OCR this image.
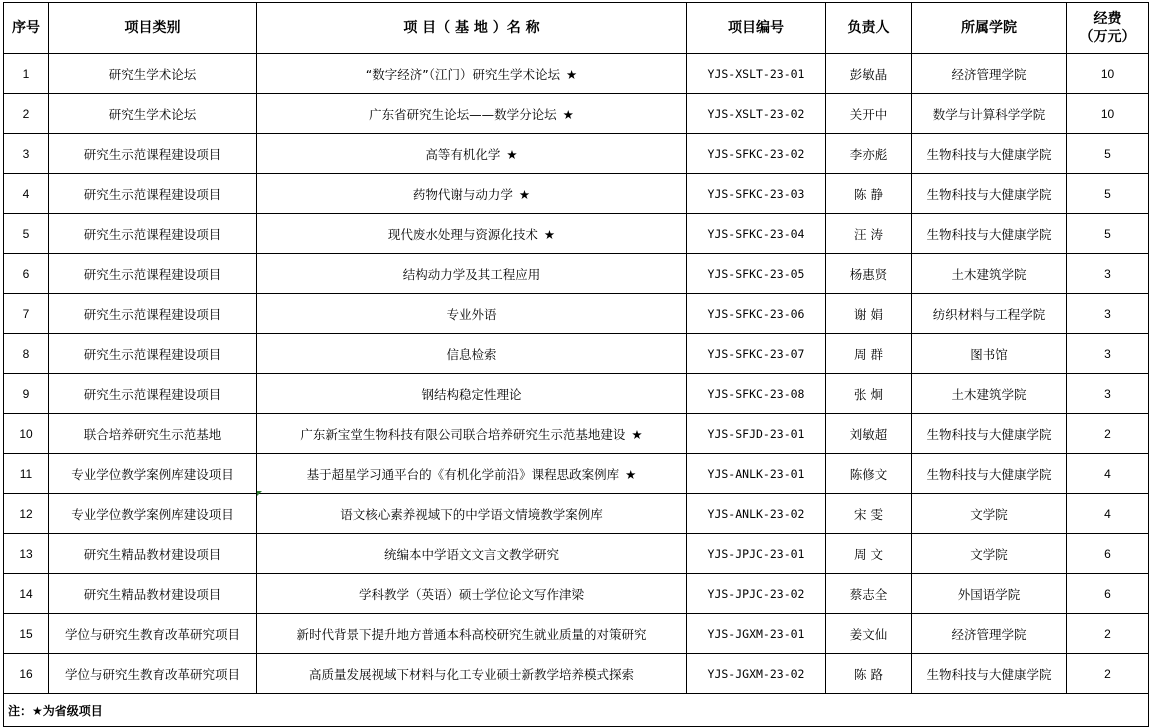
序号	项目类别	项 目（ 基 地 ）名 称	项目编号	负责人	所属学院	经费
（万元）

1	研究生学术论坛	“数字经济”（江门）研究生学术论坛 ★	YJS-XSLT-23-01	彭敏晶	经济管理学院	10
2	研究生学术论坛	广东省研究生论坛——数学分论坛 ★	YJS-XSLT-23-02	关开中	数学与计算科学学院	10
3	研究生示范课程建设项目	高等有机化学 ★	YJS-SFKC-23-02	李亦彪	生物科技与大健康学院	5
4	研究生示范课程建设项目	药物代谢与动力学 ★	YJS-SFKC-23-03	陈 静	生物科技与大健康学院	5
5	研究生示范课程建设项目	现代废水处理与资源化技术 ★	YJS-SFKC-23-04	汪 涛	生物科技与大健康学院	5
6	研究生示范课程建设项目	结构动力学及其工程应用	YJS-SFKC-23-05	杨惠贤	土木建筑学院	3
7	研究生示范课程建设项目	专业外语	YJS-SFKC-23-06	谢 娟	纺织材料与工程学院	3
8	研究生示范课程建设项目	信息检索	YJS-SFKC-23-07	周 群	图书馆	3
9	研究生示范课程建设项目	钢结构稳定性理论	YJS-SFKC-23-08	张 炯	土木建筑学院	3
10	联合培养研究生示范基地	广东新宝堂生物科技有限公司联合培养研究生示范基地建设 ★	YJS-SFJD-23-01	刘敏超	生物科技与大健康学院	2
11	专业学位教学案例库建设项目	基于超星学习通平台的《有机化学前沿》课程思政案例库 ★	YJS-ANLK-23-01	陈修文	生物科技与大健康学院	4
12	专业学位教学案例库建设项目	语文核心素养视域下的中学语文情境教学案例库	YJS-ANLK-23-02	宋 雯	文学院	4
13	研究生精品教材建设项目	统编本中学语文文言文教学研究	YJS-JPJC-23-01	周 文	文学院	6
14	研究生精品教材建设项目	学科教学（英语）硕士学位论文写作津梁	YJS-JPJC-23-02	蔡志全	外国语学院	6
15	学位与研究生教育改革研究项目	新时代背景下提升地方普通本科高校研究生就业质量的对策研究	YJS-JGXM-23-01	姜文仙	经济管理学院	2
16	学位与研究生教育改革研究项目	高质量发展视域下材料与化工专业硕士新教学培养模式探索	YJS-JGXM-23-02	陈 路	生物科技与大健康学院	2
注：★为省级项目						
